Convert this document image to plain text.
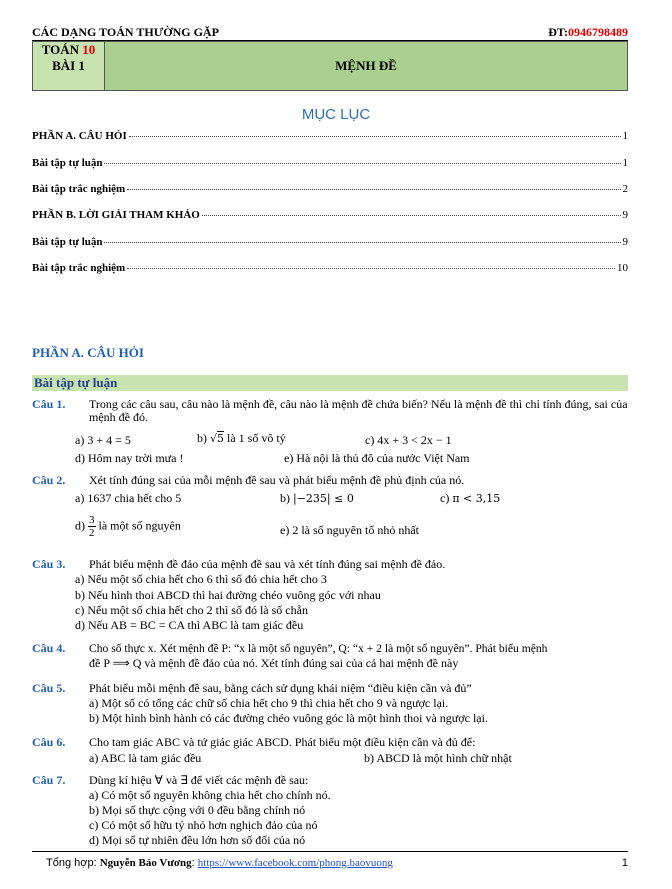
CÁC DẠNG TOÁN THƯỜNG GẶP	ĐT:0946798489
TOÁN 10
BÀI 1	MỆNH ĐỀ
MỤC LỤC
PHẦN A. CÂU HỎI	1
Bài tập tự luận	1
Bài tập trắc nghiệm	2
PHẦN B. LỜI GIẢI THAM KHẢO	9
Bài tập tự luận	9
Bài tập trắc nghiệm	10
PHẦN A. CÂU HỎI
Bài tập tự luận
Câu 1. Trong các câu sau, câu nào là mệnh đề, câu nào là mệnh đề chứa biến? Nếu là mệnh đề thì chỉ tính đúng, sai của mệnh đề đó.
a) 3 + 4 = 5	b) √5 là 1 số vô tỷ	c) 4x + 3 < 2x − 1
d) Hôm nay trời mưa !	e) Hà nội là thủ đô của nước Việt Nam
Câu 2. Xét tính đúng sai của mỗi mệnh đề sau và phát biểu mệnh đề phủ định của nó.
a) 1637 chia hết cho 5	b) |−235| ≤ 0	c) π < 3,15
$d) \frac{3}{2}$ là một số nguyên	e) 2 là số nguyên tố nhỏ nhất
Câu 3. Phát biểu mệnh đề đảo của mệnh đề sau và xét tính đúng sai mệnh đề đảo.
a) Nếu một số chia hết cho 6 thì số đó chia hết cho 3
b) Nếu hình thoi ABCD thì hai đường chéo vuông góc với nhau
c) Nếu một số chia hết cho 2 thì số đó là số chẵn
d) Nếu AB = BC = CA thì ABC là tam giác đều
Câu 4. Cho số thực x. Xét mệnh đề P: “x là một số nguyên”, Q: “x + 2 là một số nguyên”. Phát biểu mệnh
đề P ⟹ Q và mệnh đề đảo của nó. Xét tính đúng sai của cả hai mệnh đề này
Câu 5. Phát biểu mỗi mệnh đề sau, bằng cách sử dụng khái niệm “điều kiện cần và đủ”
a) Một số có tổng các chữ số chia hết cho 9 thì chia hết cho 9 và ngược lại.
b) Một hình bình hành có các đường chéo vuông góc là một hình thoi và ngược lại.
Câu 6. Cho tam giác ABC và tứ giác giác ABCD. Phát biểu một điều kiện cần và đủ để:
a) ABC là tam giác đều	b) ABCD là một hình chữ nhật
Câu 7. Dùng kí hiệu ∀ và ∃ để viết các mệnh đề sau:
a) Có một số nguyên không chia hết cho chính nó.
b) Mọi số thực cộng với 0 đều bằng chính nó
c) Có một số hữu tỷ nhỏ hơn nghịch đảo của nó
d) Mọi số tự nhiên đều lớn hơn số đối của nó
Tổng hợp: Nguyễn Bảo Vương: https://www.facebook.com/phong.baovuong	1
